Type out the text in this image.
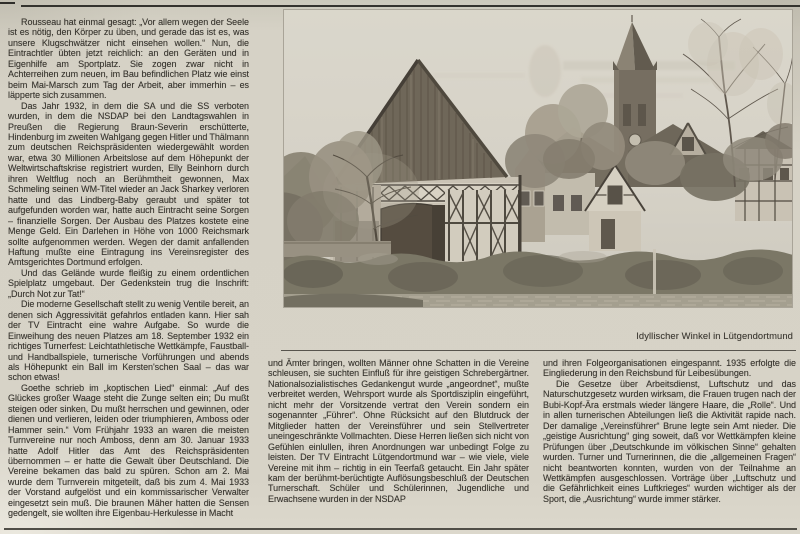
Rousseau hat einmal gesagt: „Vor allem wegen der Seele ist es nötig, den Körper zu üben, und gerade das ist es, was unsere Klugschwätzer nicht einsehen wollen.“ Nun, die Eintrachtler übten jetzt reichlich: an den Geräten und in Eigenhilfe am Sportplatz. Sie zogen zwar nicht in Achterreihen zum neuen, im Bau befindlichen Platz wie einst beim Mai-Marsch zum Tag der Arbeit, aber immerhin – es läpperte sich zusammen.
Das Jahr 1932, in dem die SA und die SS verboten wurden, in dem die NSDAP bei den Landtagswahlen in Preußen die Regierung Braun-Severin erschütterte, Hindenburg im zweiten Wahlgang gegen Hitler und Thälmann zum deutschen Reichspräsidenten wiedergewählt worden war, etwa 30 Millionen Arbeitslose auf dem Höhepunkt der Weltwirtschaftskrise registriert wurden, Elly Beinhorn durch ihren Weltflug noch an Berühmtheit gewonnen, Max Schmeling seinen WM-Titel wieder an Jack Sharkey verloren hatte und das Lindberg-Baby geraubt und später tot aufgefunden worden war, hatte auch Eintracht seine Sorgen – finanzielle Sorgen. Der Ausbau des Platzes kostete eine Menge Geld. Ein Darlehen in Höhe von 1000 Reichsmark sollte aufgenommen werden. Wegen der damit anfallenden Haftung mußte eine Eintragung ins Vereinsregister des Amtsgerichtes Dortmund erfolgen.
Und das Gelände wurde fleißig zu einem ordentlichen Spielplatz umgebaut. Der Gedenkstein trug die Inschrift: „Durch Not zur Tat!“
Die moderne Gesellschaft stellt zu wenig Ventile bereit, an denen sich Aggressivität gefahrlos entladen kann. Hier sah der TV Eintracht eine wahre Aufgabe. So wurde die Einweihung des neuen Platzes am 18. September 1932 ein richtiges Turnerfest: Leichtathletische Wettkämpfe, Faustball- und Handballspiele, turnerische Vorführungen und abends als Höhepunkt ein Ball im Kersten'schen Saal – das war schon etwas!
Goethe schrieb im „koptischen Lied“ einmal: „Auf des Glückes großer Waage steht die Zunge selten ein; Du mußt steigen oder sinken, Du mußt herrschen und gewinnen, oder dienen und verlieren, leiden oder triumphieren, Amboss oder Hammer sein.“ Vom Frühjahr 1933 an waren die meisten Turnvereine nur noch Amboss, denn am 30. Januar 1933 hatte Adolf Hitler das Amt des Reichspräsidenten übernommen – er hatte die Gewalt über Deutschland. Die Vereine bekamen das bald zu spüren. Schon am 2. Mai wurde dem Turnverein mitgeteilt, daß bis zum 4. Mai 1933 der Vorstand aufgelöst und ein kommissarischer Verwalter eingesetzt sein muß. Die braunen Mäher hatten die Sensen gedengelt, sie wollten ihre Eigenbau-Herkulesse in Macht
Idyllischer Winkel in Lütgendortmund
und Ämter bringen, wollten Männer ohne Schatten in die Vereine schleusen, sie suchten Einfluß für ihre geistigen Schrebergärtner. Nationalsozialistisches Gedankengut wurde „angeordnet“, mußte verbreitet werden, Wehrsport wurde als Sportdisziplin eingeführt, nicht mehr der Vorsitzende vertrat den Verein sondern ein sogenannter „Führer“. Ohne Rücksicht auf den Blutdruck der Mitglieder hatten der Vereinsführer und sein Stellvertreter uneingeschränkte Vollmachten. Diese Herren ließen sich nicht von Gefühlen einlullen, ihren Anordnungen war unbedingt Folge zu leisten. Der TV Eintracht Lütgendortmund war – wie viele, viele Vereine mit ihm – richtig in ein Teerfaß getaucht. Ein Jahr später kam der berühmt-berüchtigte Auflösungsbeschluß der Deutschen Turnerschaft. Schüler und Schülerinnen, Jugendliche und Erwachsene wurden in der NSDAP
und ihren Folgeorganisationen eingespannt. 1935 erfolgte die Eingliederung in den Reichsbund für Leibesübungen.
Die Gesetze über Arbeitsdienst, Luftschutz und das Naturschutzgesetz wurden wirksam, die Frauen trugen nach der Bubi-Kopf-Ära erstmals wieder längere Haare, die „Rolle“. Und in allen turnerischen Abteilungen ließ die Aktivität rapide nach. Der damalige „Vereinsführer“ Brune legte sein Amt nieder. Die „geistige Ausrichtung“ ging soweit, daß vor Wettkämpfen kleine Prüfungen über „Deutschkunde im völkischen Sinne“ gehalten wurden. Turner und Turnerinnen, die die „allgemeinen Fragen“ nicht beantworten konnten, wurden von der Teilnahme an Wettkämpfen ausgeschlossen. Vorträge über „Luftschutz und die Gefährlichkeit eines Luftkrieges“ wurden wichtiger als der Sport, die „Ausrichtung“ wurde immer stärker.
